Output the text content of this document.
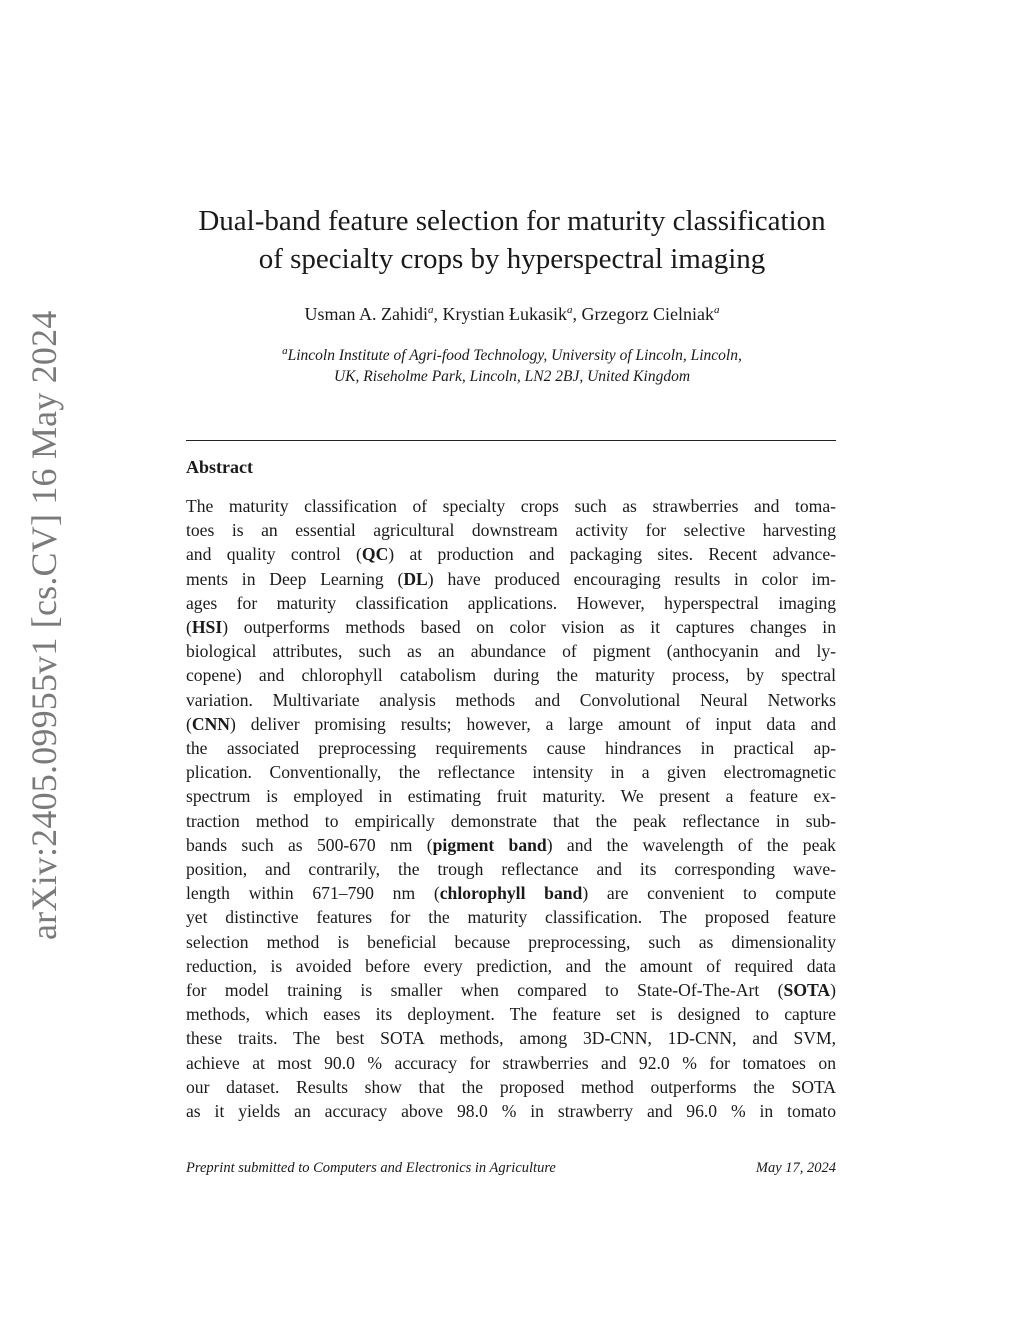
arXiv:2405.09955v1 [cs.CV] 16 May 2024
Dual-band feature selection for maturity classification
of specialty crops by hyperspectral imaging
Usman A. Zahidi$^a$, Krystian Łukasik$^a$, Grzegorz Cielniak$^a$
$^a$Lincoln Institute of Agri-food Technology, University of Lincoln, Lincoln,
UK, Riseholme Park, Lincoln, LN2 2BJ, United Kingdom
Abstract
The maturity classification of specialty crops such as strawberries and toma-
toes is an essential agricultural downstream activity for selective harvesting
and quality control (QC) at production and packaging sites. Recent advance-
ments in Deep Learning (DL) have produced encouraging results in color im-
ages for maturity classification applications. However, hyperspectral imaging
(HSI) outperforms methods based on color vision as it captures changes in
biological attributes, such as an abundance of pigment (anthocyanin and ly-
copene) and chlorophyll catabolism during the maturity process, by spectral
variation. Multivariate analysis methods and Convolutional Neural Networks
(CNN) deliver promising results; however, a large amount of input data and
the associated preprocessing requirements cause hindrances in practical ap-
plication. Conventionally, the reflectance intensity in a given electromagnetic
spectrum is employed in estimating fruit maturity. We present a feature ex-
traction method to empirically demonstrate that the peak reflectance in sub-
bands such as 500-670 nm (pigment band) and the wavelength of the peak
position, and contrarily, the trough reflectance and its corresponding wave-
length within 671–790 nm (chlorophyll band) are convenient to compute
yet distinctive features for the maturity classification. The proposed feature
selection method is beneficial because preprocessing, such as dimensionality
reduction, is avoided before every prediction, and the amount of required data
for model training is smaller when compared to State-Of-The-Art (SOTA)
methods, which eases its deployment. The feature set is designed to capture
these traits. The best SOTA methods, among 3D-CNN, 1D-CNN, and SVM,
achieve at most 90.0 % accuracy for strawberries and 92.0 % for tomatoes on
our dataset. Results show that the proposed method outperforms the SOTA
as it yields an accuracy above 98.0 % in strawberry and 96.0 % in tomato
Preprint submitted to Computers and Electronics in Agriculture	May 17, 2024
